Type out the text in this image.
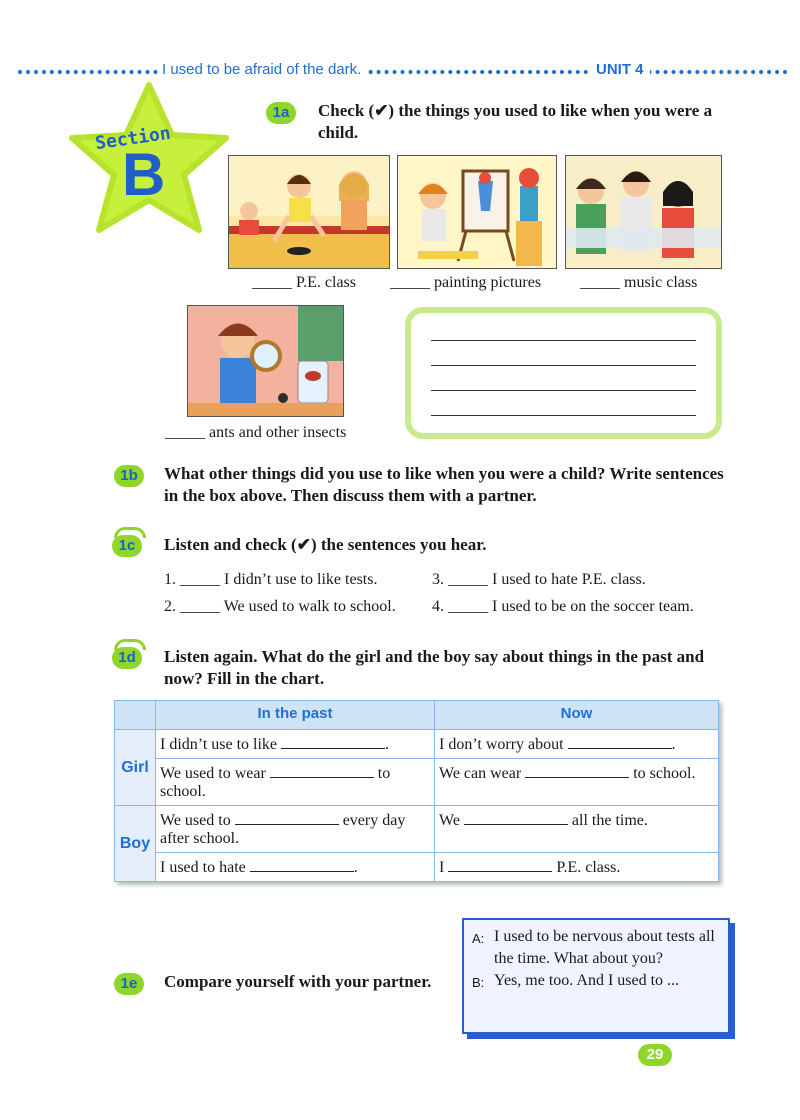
I used to be afraid of the dark.	UNIT 4
Section
B
1a	Check (✔) the things you used to like when you were a child.
_____ P.E. class _____ painting pictures _____ music class
_____ ants and other insects
1b	What other things did you use to like when you were a child? Write sentences in the box above. Then discuss them with a partner.
1c	Listen and check (✔) the sentences you hear.
1. _____ I didn’t use to like tests.	3. _____ I used to hate P.E. class.
2. _____ We used to walk to school. 4. _____ I used to be on the soccer team.
1d	Listen again. What do the girl and the boy say about things in the past and now? Fill in the chart.
	In the past	Now
Girl	I didn’t use to like .	I don’t worry about .
	We used to wear to school.	We can wear to school.
Boy	We used to every day after school.	We all the time.
	I used to hate .	I P.E. class.
1e	Compare yourself with your partner.
A: I used to be nervous about tests all the time. What about you?
B: Yes, me too. And I used to ...
29
